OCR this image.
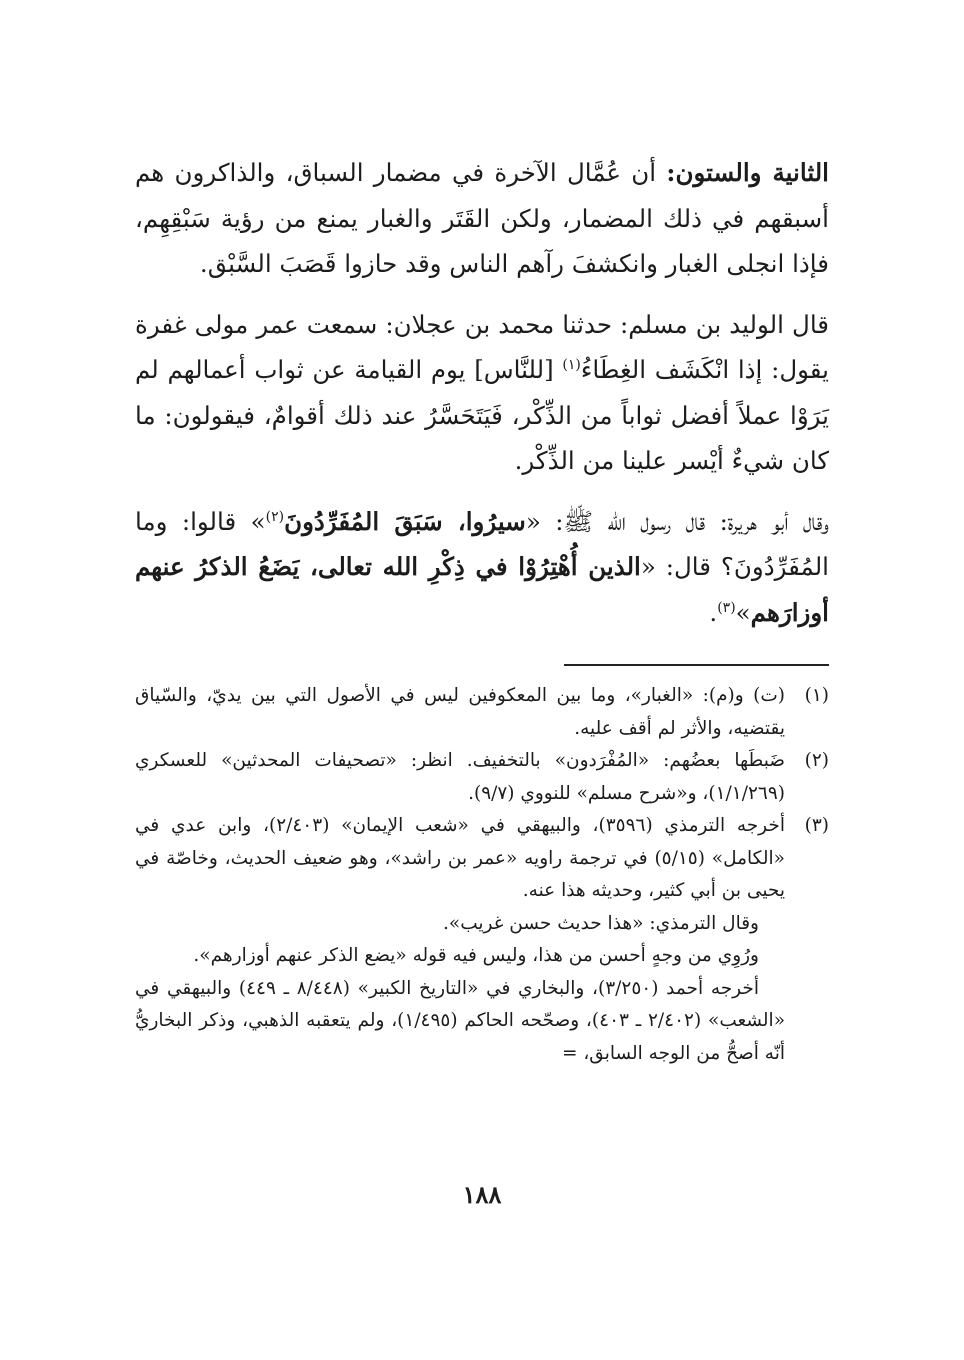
الثانية والستون: أن عُمَّال الآخرة في مضمار السباق، والذاكرون هم أسبقهم في ذلك المضمار، ولكن القَتَر والغبار يمنع من رؤية سَبْقِهِم، فإذا انجلى الغبار وانكشفَ رآهم الناس وقد حازوا قَصَبَ السَّبْق.

قال الوليد بن مسلم: حدثنا محمد بن عجلان: سمعت عمر مولى غفرة يقول: إذا انْكَشَف الغِطَاءُ$^{(١)}$ [للنَّاس] يوم القيامة عن ثواب أعمالهم لم يَرَوْا عملاً أفضل ثواباً من الذِّكْر، فَيَتَحَسَّرُ عند ذلك أقوامٌ، فيقولون: ما كان شيءٌ أيْسر علينا من الذِّكْر.

وقال أبو هريرة: قال رسول الله ﷺ: «سيرُوا، سَبَقَ المُفَرِّدُونَ$^{(٢)}$» قالوا: وما المُفَرِّدُونَ؟ قال: «الذين أُهْتِرُوْا في ذِكْرِ الله تعالى، يَضَعُ الذكرُ عنهم أوزارَهم»$^{(٣)}$.

(١)

(ت) و(م): «الغبار»، وما بين المعكوفين ليس في الأصول التي بين يديّ، والسّياق يقتضيه، والأثر لم أقف عليه.

(٢)

ضَبطَها بعضُهم: «المُفْرَدون» بالتخفيف. انظر: «تصحيفات المحدثين» للعسكري (١/١/٢٦٩)، و«شرح مسلم» للنووي (٩/٧).

(٣)

أخرجه الترمذي (٣٥٩٦)، والبيهقي في «شعب الإيمان» (٢/٤٠٣)، وابن عدي في «الكامل» (٥/١٥) في ترجمة راويه «عمر بن راشد»، وهو ضعيف الحديث، وخاصّة في يحيى بن أبي كثير، وحديثه هذا عنه.

وقال الترمذي: «هذا حديث حسن غريب».

ورُوِي من وجهٍ أحسن من هذا، وليس فيه قوله «يضع الذكر عنهم أوزارهم».

أخرجه أحمد (٣/٢٥٠)، والبخاري في «التاريخ الكبير» (٨/٤٤٨ ـ ٤٤٩) والبيهقي في «الشعب» (٢/٤٠٢ ـ ٤٠٣)، وصحّحه الحاكم (١/٤٩٥)، ولم يتعقبه الذهبي، وذكر البخاريُّ أنّه أصحُّ من الوجه السابق، =

١٨٨
